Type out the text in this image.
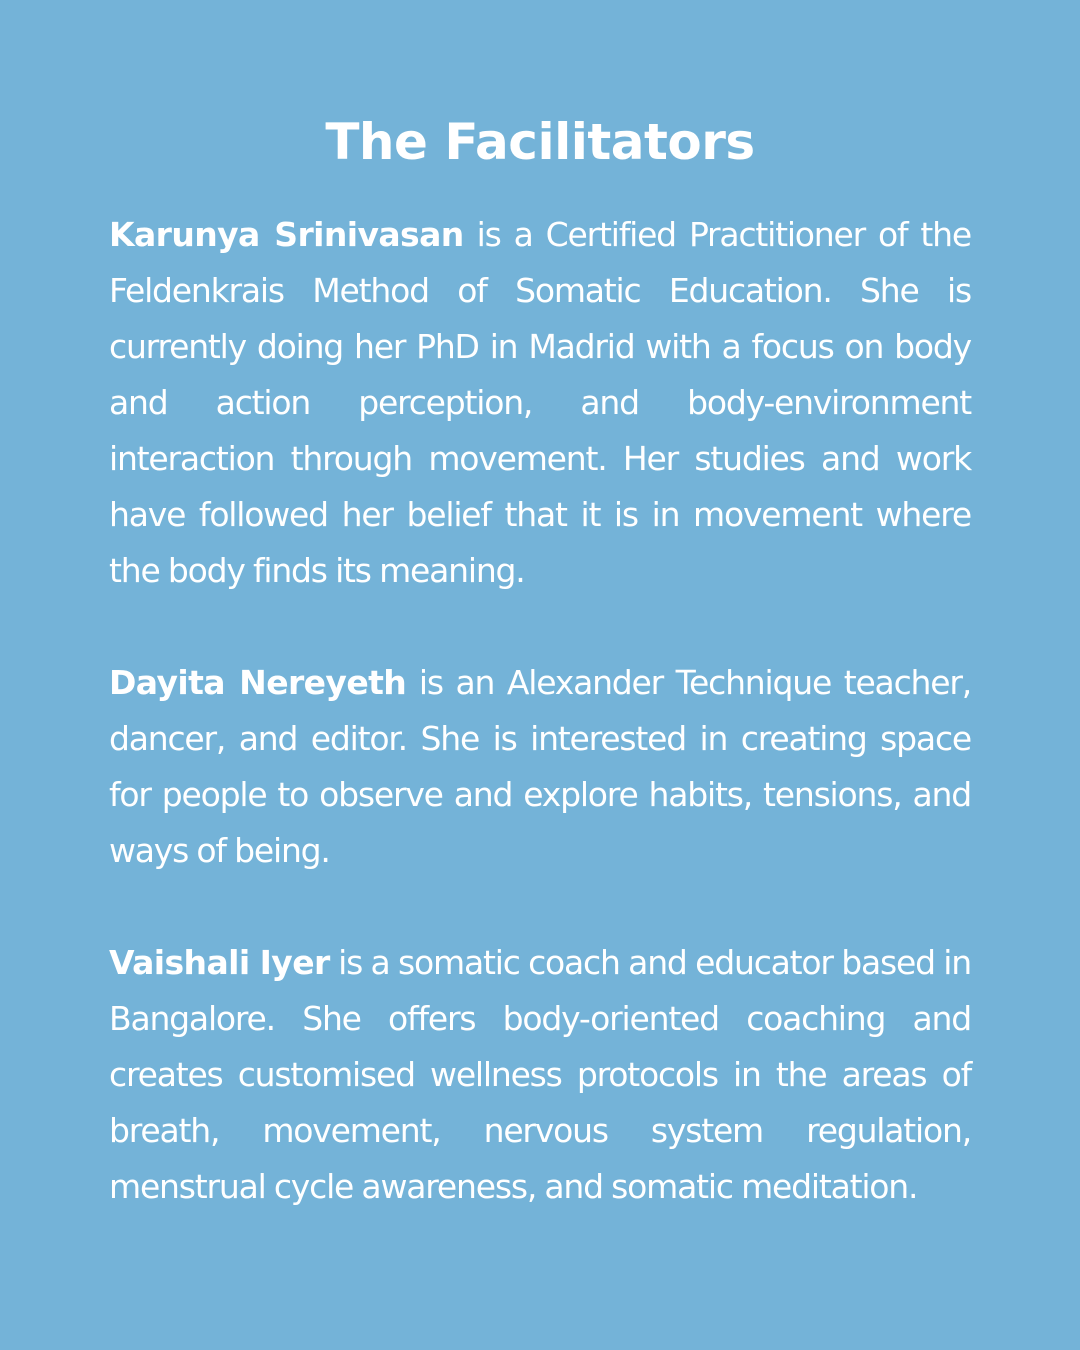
The Facilitators

Karunya Srinivasan is a Certified Practitioner of the Feldenkrais Method of Somatic Education. She is currently doing her PhD in Madrid with a focus on body and action perception, and body-environment interaction through movement. Her studies and work have followed her belief that it is in movement where the body finds its meaning.

Dayita Nereyeth is an Alexander Technique teacher, dancer, and editor. She is interested in creating space for people to observe and explore habits, tensions, and ways of being.

Vaishali Iyer is a somatic coach and educator based in Bangalore. She offers body-oriented coaching and creates customised wellness protocols in the areas of breath, movement, nervous system regulation, menstrual cycle awareness, and somatic meditation.
